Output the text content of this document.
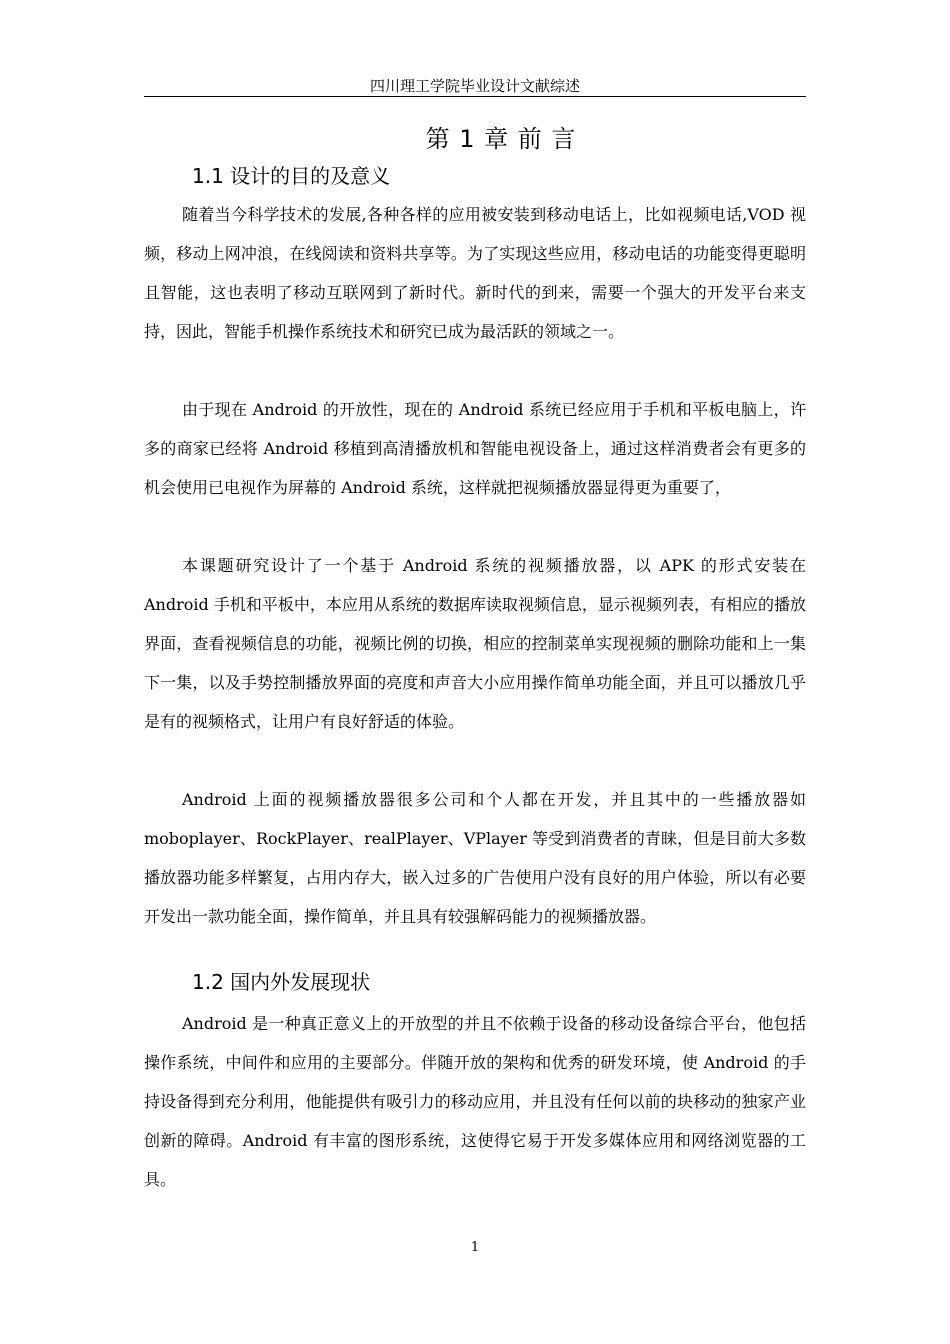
四川理工学院毕业设计文献综述
第 1 章 前 言
1.1 设计的目的及意义

随着当今科学技术的发展,各种各样的应用被安装到移动电话上，比如视频电话,VOD 视频，移动上网冲浪，在线阅读和资料共享等。为了实现这些应用，移动电话的功能变得更聪明且智能，这也表明了移动互联网到了新时代。新时代的到来，需要一个强大的开发平台来支持，因此，智能手机操作系统技术和研究已成为最活跃的领域之一。

由于现在 Android 的开放性，现在的 Android 系统已经应用于手机和平板电脑上，许多的商家已经将 Android 移植到高清播放机和智能电视设备上，通过这样消费者会有更多的机会使用已电视作为屏幕的 Android 系统，这样就把视频播放器显得更为重要了，

本课题研究设计了一个基于 Android 系统的视频播放器，以 APK 的形式安装在 Android 手机和平板中，本应用从系统的数据库读取视频信息，显示视频列表，有相应的播放界面，查看视频信息的功能，视频比例的切换，相应的控制菜单实现视频的删除功能和上一集下一集，以及手势控制播放界面的亮度和声音大小应用操作简单功能全面，并且可以播放几乎是有的视频格式，让用户有良好舒适的体验。

Android 上面的视频播放器很多公司和个人都在开发，并且其中的一些播放器如 moboplayer、RockPlayer、realPlayer、VPlayer 等受到消费者的青睐，但是目前大多数播放器功能多样繁复，占用内存大，嵌入过多的广告使用户没有良好的用户体验，所以有必要开发出一款功能全面，操作简单，并且具有较强解码能力的视频播放器。

1.2 国内外发展现状

Android 是一种真正意义上的开放型的并且不依赖于设备的移动设备综合平台，他包括操作系统，中间件和应用的主要部分。伴随开放的架构和优秀的研发环境，使 Android 的手持设备得到充分利用，他能提供有吸引力的移动应用，并且没有任何以前的块移动的独家产业创新的障碍。Android 有丰富的图形系统，这使得它易于开发多媒体应用和网络浏览器的工具。

1
